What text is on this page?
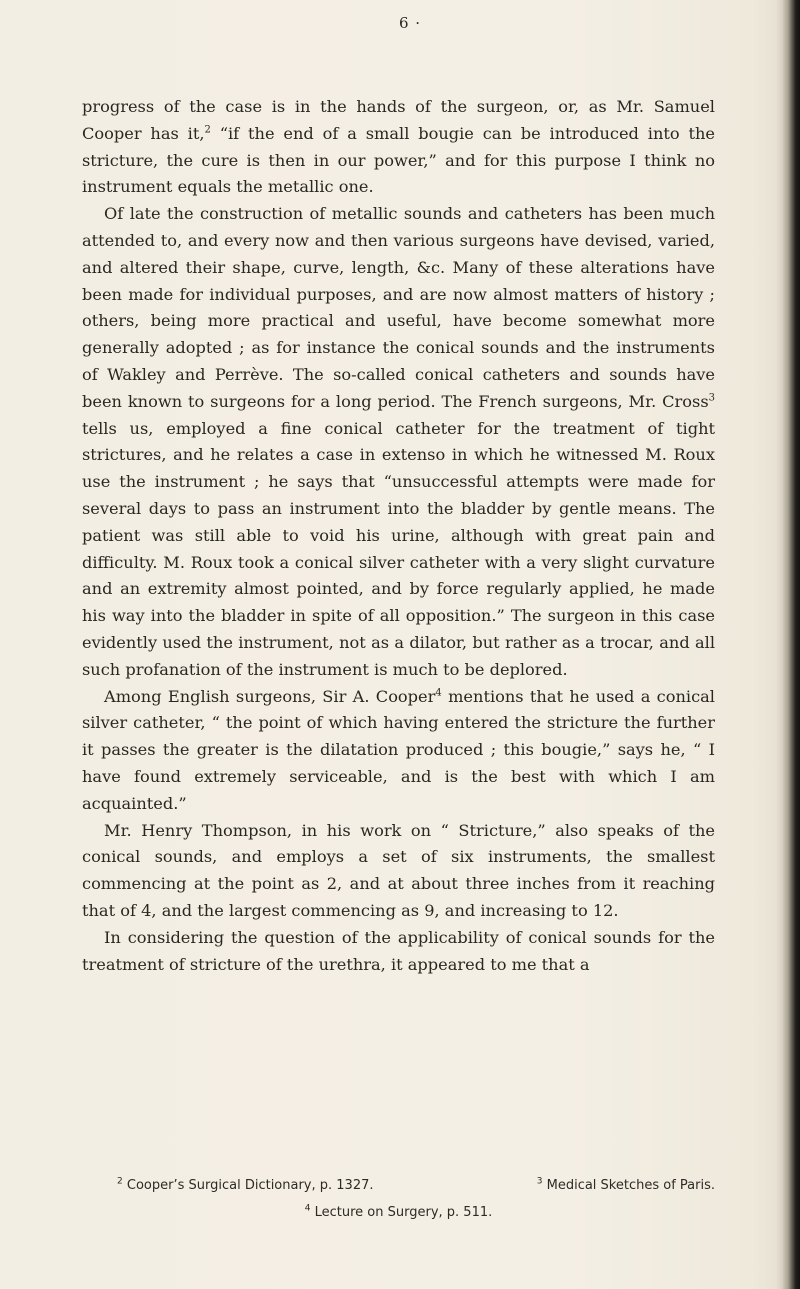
6 ·

progress of the case is in the hands of the surgeon, or, as Mr. Samuel Cooper has it,$^2$ “if the end of a small bougie can be introduced into the stricture, the cure is then in our power,” and for this purpose I think no instrument equals the metallic one.

Of late the construction of metallic sounds and catheters has been much attended to, and every now and then various surgeons have devised, varied, and altered their shape, curve, length, &c. Many of these alterations have been made for individual purposes, and are now almost matters of history ; others, being more practical and useful, have become somewhat more generally adopted ; as for instance the conical sounds and the instruments of Wakley and Perrève. The so-called conical catheters and sounds have been known to surgeons for a long period. The French surgeons, Mr. Cross$^3$ tells us, employed a fine conical catheter for the treatment of tight strictures, and he relates a case in extenso in which he witnessed M. Roux use the instrument ; he says that “unsuccessful attempts were made for several days to pass an instrument into the bladder by gentle means. The patient was still able to void his urine, although with great pain and difficulty. M. Roux took a conical silver catheter with a very slight curvature and an extremity almost pointed, and by force regularly applied, he made his way into the bladder in spite of all opposition.” The surgeon in this case evidently used the instrument, not as a dilator, but rather as a trocar, and all such profanation of the instrument is much to be deplored.

Among English surgeons, Sir A. Cooper$^4$ mentions that he used a conical silver catheter, “ the point of which having entered the stricture the further it passes the greater is the dilatation produced ; this bougie,” says he, “ I have found extremely serviceable, and is the best with which I am acquainted.”

Mr. Henry Thompson, in his work on “ Stricture,” also speaks of the conical sounds, and employs a set of six instruments, the smallest commencing at the point as 2, and at about three inches from it reaching that of 4, and the largest commencing as 9, and increasing to 12.

In considering the question of the applicability of conical sounds for the treatment of stricture of the urethra, it appeared to me that a

$^2$ Cooper’s Surgical Dictionary, p. 1327.	$^3$ Medical Sketches of Paris.
$^4$ Lecture on Surgery, p. 511.
